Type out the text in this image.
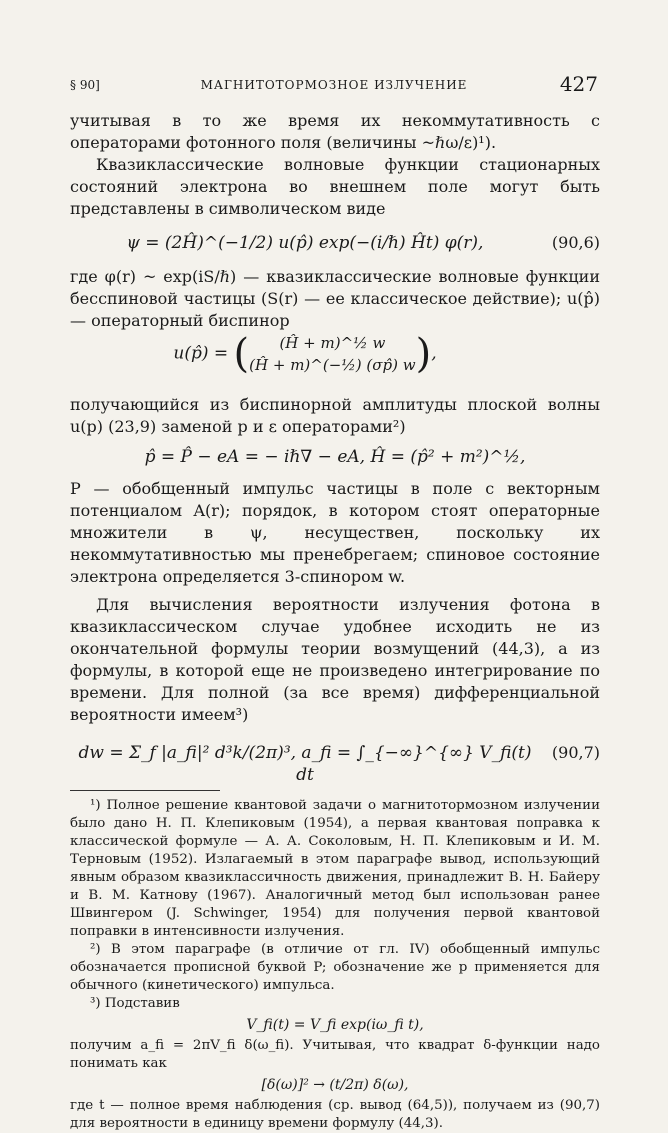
§ 90]	МАГНИТОТОРМОЗНОЕ ИЗЛУЧЕНИЕ	427

учитывая в то же время их некоммутативность с операторами фотонного поля (величины ~ℏω/ε)¹).

Квазиклассические волновые функции стационарных состояний электрона во внешнем поле могут быть представлены в символическом виде

ψ = (2Ĥ)^(−1/2) u(p̂) exp(−(i/ℏ) Ĥt) φ(r),	(90,6)

где φ(r) ~ exp(iS/ℏ) — квазиклассические волновые функции бесспиновой частицы (S(r) — ее классическое действие); u(p̂) — операторный биспинор

u(p̂) = ( (Ĥ + m)^½ w
(Ĥ + m)^(−½) (σp̂) w),

получающийся из биспинорной амплитуды плоской волны u(p) (23,9) заменой p и ε операторами²)

p̂ = P̂ − eA = − iℏ∇ − eA, Ĥ = (p̂² + m²)^½,

P — обобщенный импульс частицы в поле с векторным потенциалом A(r); порядок, в котором стоят операторные множители в ψ, несуществен, поскольку их некоммутативностью мы пренебрегаем; спиновое состояние электрона определяется 3-спинором w.

Для вычисления вероятности излучения фотона в квазиклассическом случае удобнее исходить не из окончательной формулы теории возмущений (44,3), а из формулы, в которой еще не произведено интегрирование по времени. Для полной (за все время) дифференциальной вероятности имеем³)

dw = Σ_f |a_fi|² d³k/(2π)³, a_fi = ∫_{−∞}^{∞} V_fi(t) dt
(90,7)

¹) Полное решение квантовой задачи о магнитотормозном излучении было дано Н. П. Клепиковым (1954), а первая квантовая поправка к классической формуле — А. А. Соколовым, Н. П. Клепиковым и И. М. Терновым (1952). Излагаемый в этом параграфе вывод, использующий явным образом квазиклассичность движения, принадлежит В. Н. Байеру и В. М. Катнову (1967). Аналогичный метод был использован ранее Швингером (J. Schwinger, 1954) для получения первой квантовой поправки в интенсивности излучения.

²) В этом параграфе (в отличие от гл. IV) обобщенный импульс обозначается прописной буквой P; обозначение же p применяется для обычного (кинетического) импульса.

³) Подставив

V_fi(t) = V_fi exp(iω_fi t),

получим a_fi = 2πV_fi δ(ω_fi). Учитывая, что квадрат δ-функции надо понимать как

[δ(ω)]² → (t/2π) δ(ω),

где t — полное время наблюдения (ср. вывод (64,5)), получаем из (90,7) для вероятности в единицу времени формулу (44,3).
